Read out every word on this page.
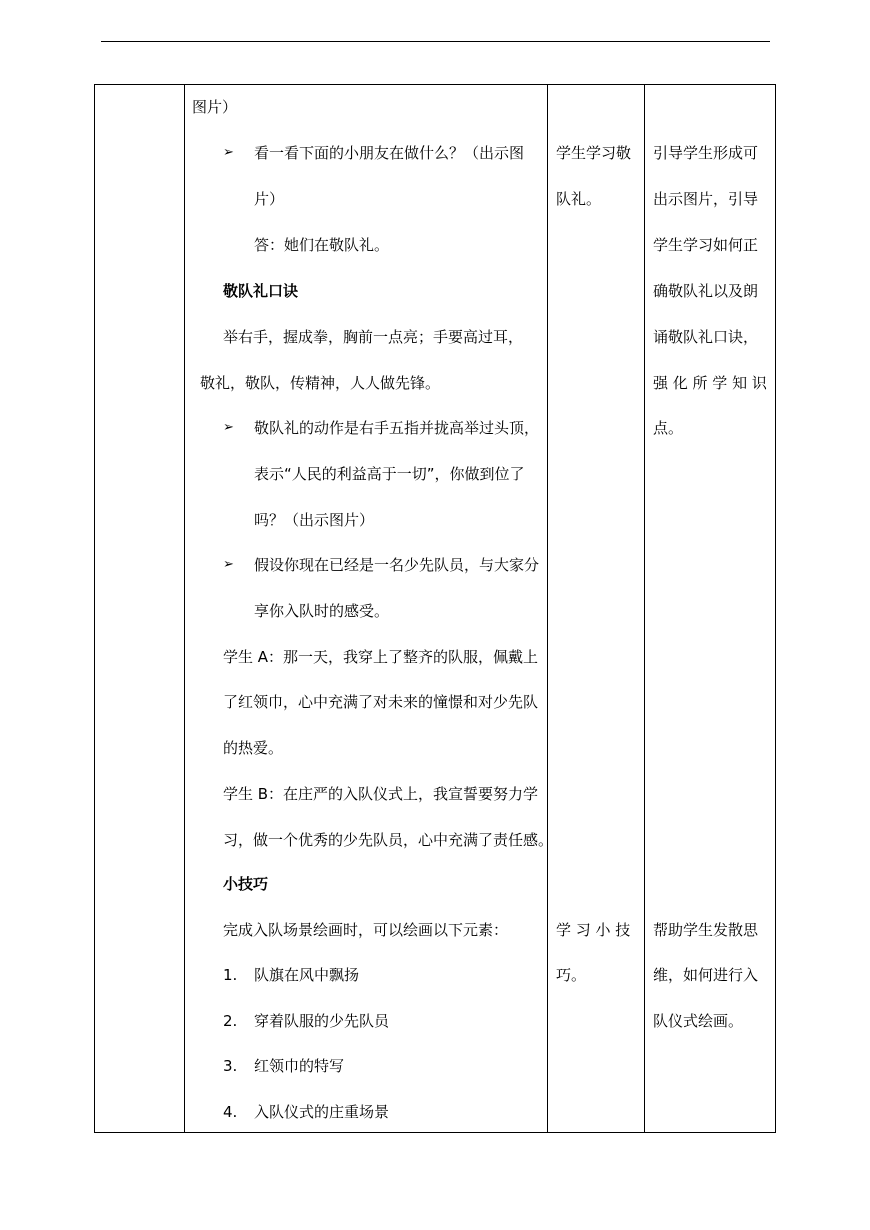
图片）
➢ 看一看下面的小朋友在做什么？（出示图
片）
答：她们在敬队礼。
敬队礼口诀
举右手，握成拳，胸前一点亮；手要高过耳，
敬礼，敬队，传精神，人人做先锋。
➢ 敬队礼的动作是右手五指并拢高举过头顶，
表示“人民的利益高于一切”，你做到位了
吗？（出示图片）
➢ 假设你现在已经是一名少先队员，与大家分
享你入队时的感受。
学生 A：那一天，我穿上了整齐的队服，佩戴上
了红领巾，心中充满了对未来的憧憬和对少先队
的热爱。
学生 B：在庄严的入队仪式上，我宣誓要努力学
习，做一个优秀的少先队员，心中充满了责任感。
小技巧
完成入队场景绘画时，可以绘画以下元素：
1. 队旗在风中飘扬
2. 穿着队服的少先队员
3. 红领巾的特写
4. 入队仪式的庄重场景
学生学习敬
队礼。
学 习 小 技
巧。
引导学生形成可
出示图片，引导
学生学习如何正
确敬队礼以及朗
诵敬队礼口诀，
强 化 所 学 知 识
点。
帮助学生发散思
维，如何进行入
队仪式绘画。
